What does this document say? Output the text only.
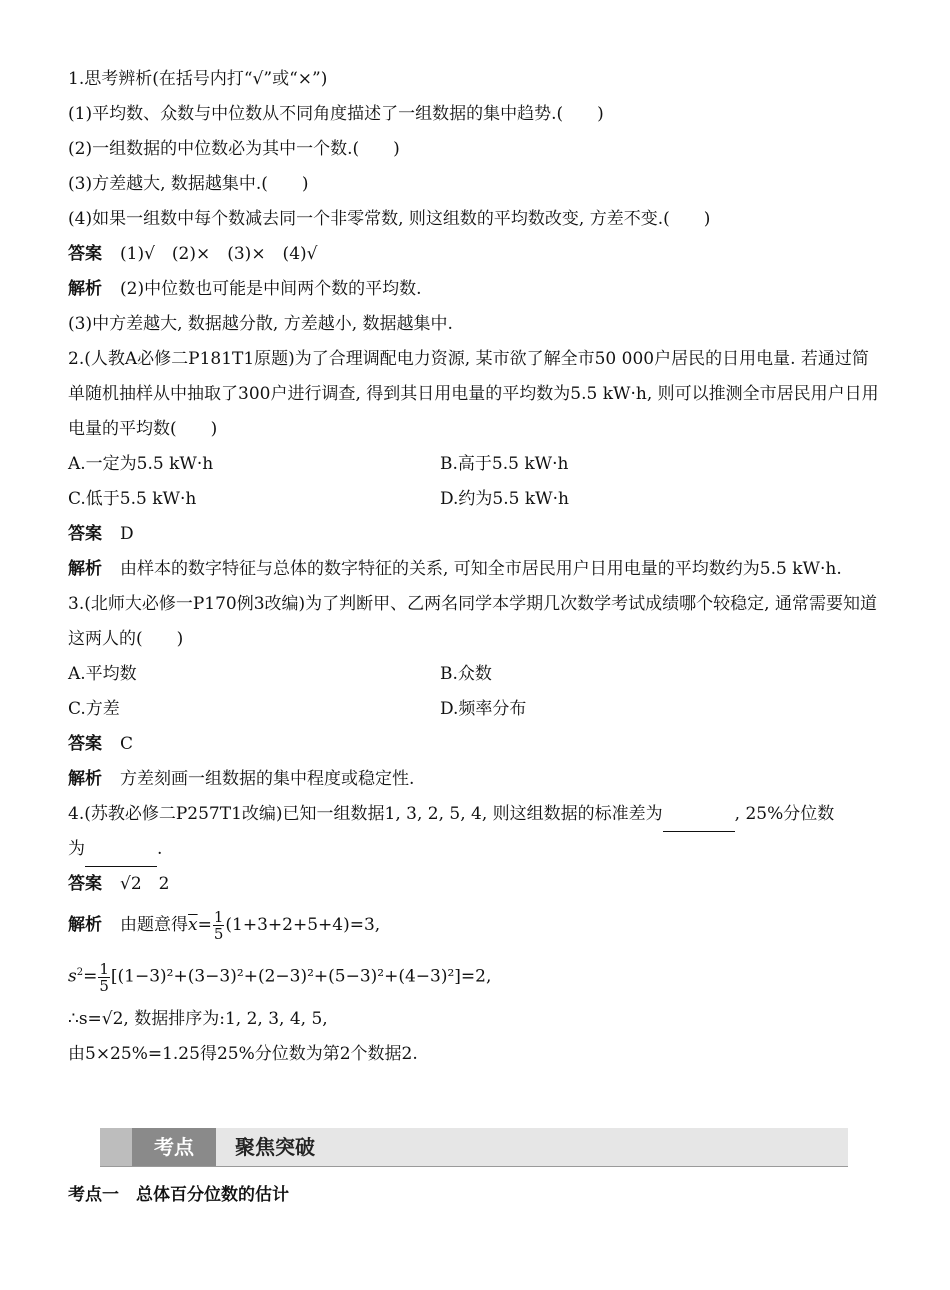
1.思考辨析(在括号内打“√”或“×”)
(1)平均数、众数与中位数从不同角度描述了一组数据的集中趋势.(　　)
(2)一组数据的中位数必为其中一个数.(　　)
(3)方差越大, 数据越集中.(　　)
(4)如果一组数中每个数减去同一个非零常数, 则这组数的平均数改变, 方差不变.(　　)
答案 (1)√　(2)×　(3)×　(4)√
解析 (2)中位数也可能是中间两个数的平均数.
(3)中方差越大, 数据越分散, 方差越小, 数据越集中.
2.(人教A必修二P181T1原题)为了合理调配电力资源, 某市欲了解全市50 000户居民的日用电量. 若通过简单随机抽样从中抽取了300户进行调查, 得到其日用电量的平均数为5.5 kW·h, 则可以推测全市居民用户日用电量的平均数(　　)
A.一定为5.5 kW·h	B.高于5.5 kW·h
C.低于5.5 kW·h	D.约为5.5 kW·h
答案 D
解析 由样本的数字特征与总体的数字特征的关系, 可知全市居民用户日用电量的平均数约为5.5 kW·h.
3.(北师大必修一P170例3改编)为了判断甲、乙两名同学本学期几次数学考试成绩哪个较稳定, 通常需要知道这两人的(　　)
A.平均数	B.众数
C.方差	D.频率分布
答案 C
解析 方差刻画一组数据的集中程度或稳定性.
4.(苏教必修二P257T1改编)已知一组数据1, 3, 2, 5, 4, 则这组数据的标准差为	, 25%分位数
为	.
答案 √2　2
解析 由题意得$\overline{x}= \frac{1}{5} (1+3+2+5+4)=3$,
$s^2= \frac{1}{5} [(1-3)^2+(3-3)^2+(2-3)^2+(5-3)^2+(4-3)^2]=2$,
∴s=√2, 数据排序为:1, 2, 3, 4, 5,
由5×25%=1.25得25%分位数为第2个数据2.
考点	聚焦突破
考点一　总体百分位数的估计
